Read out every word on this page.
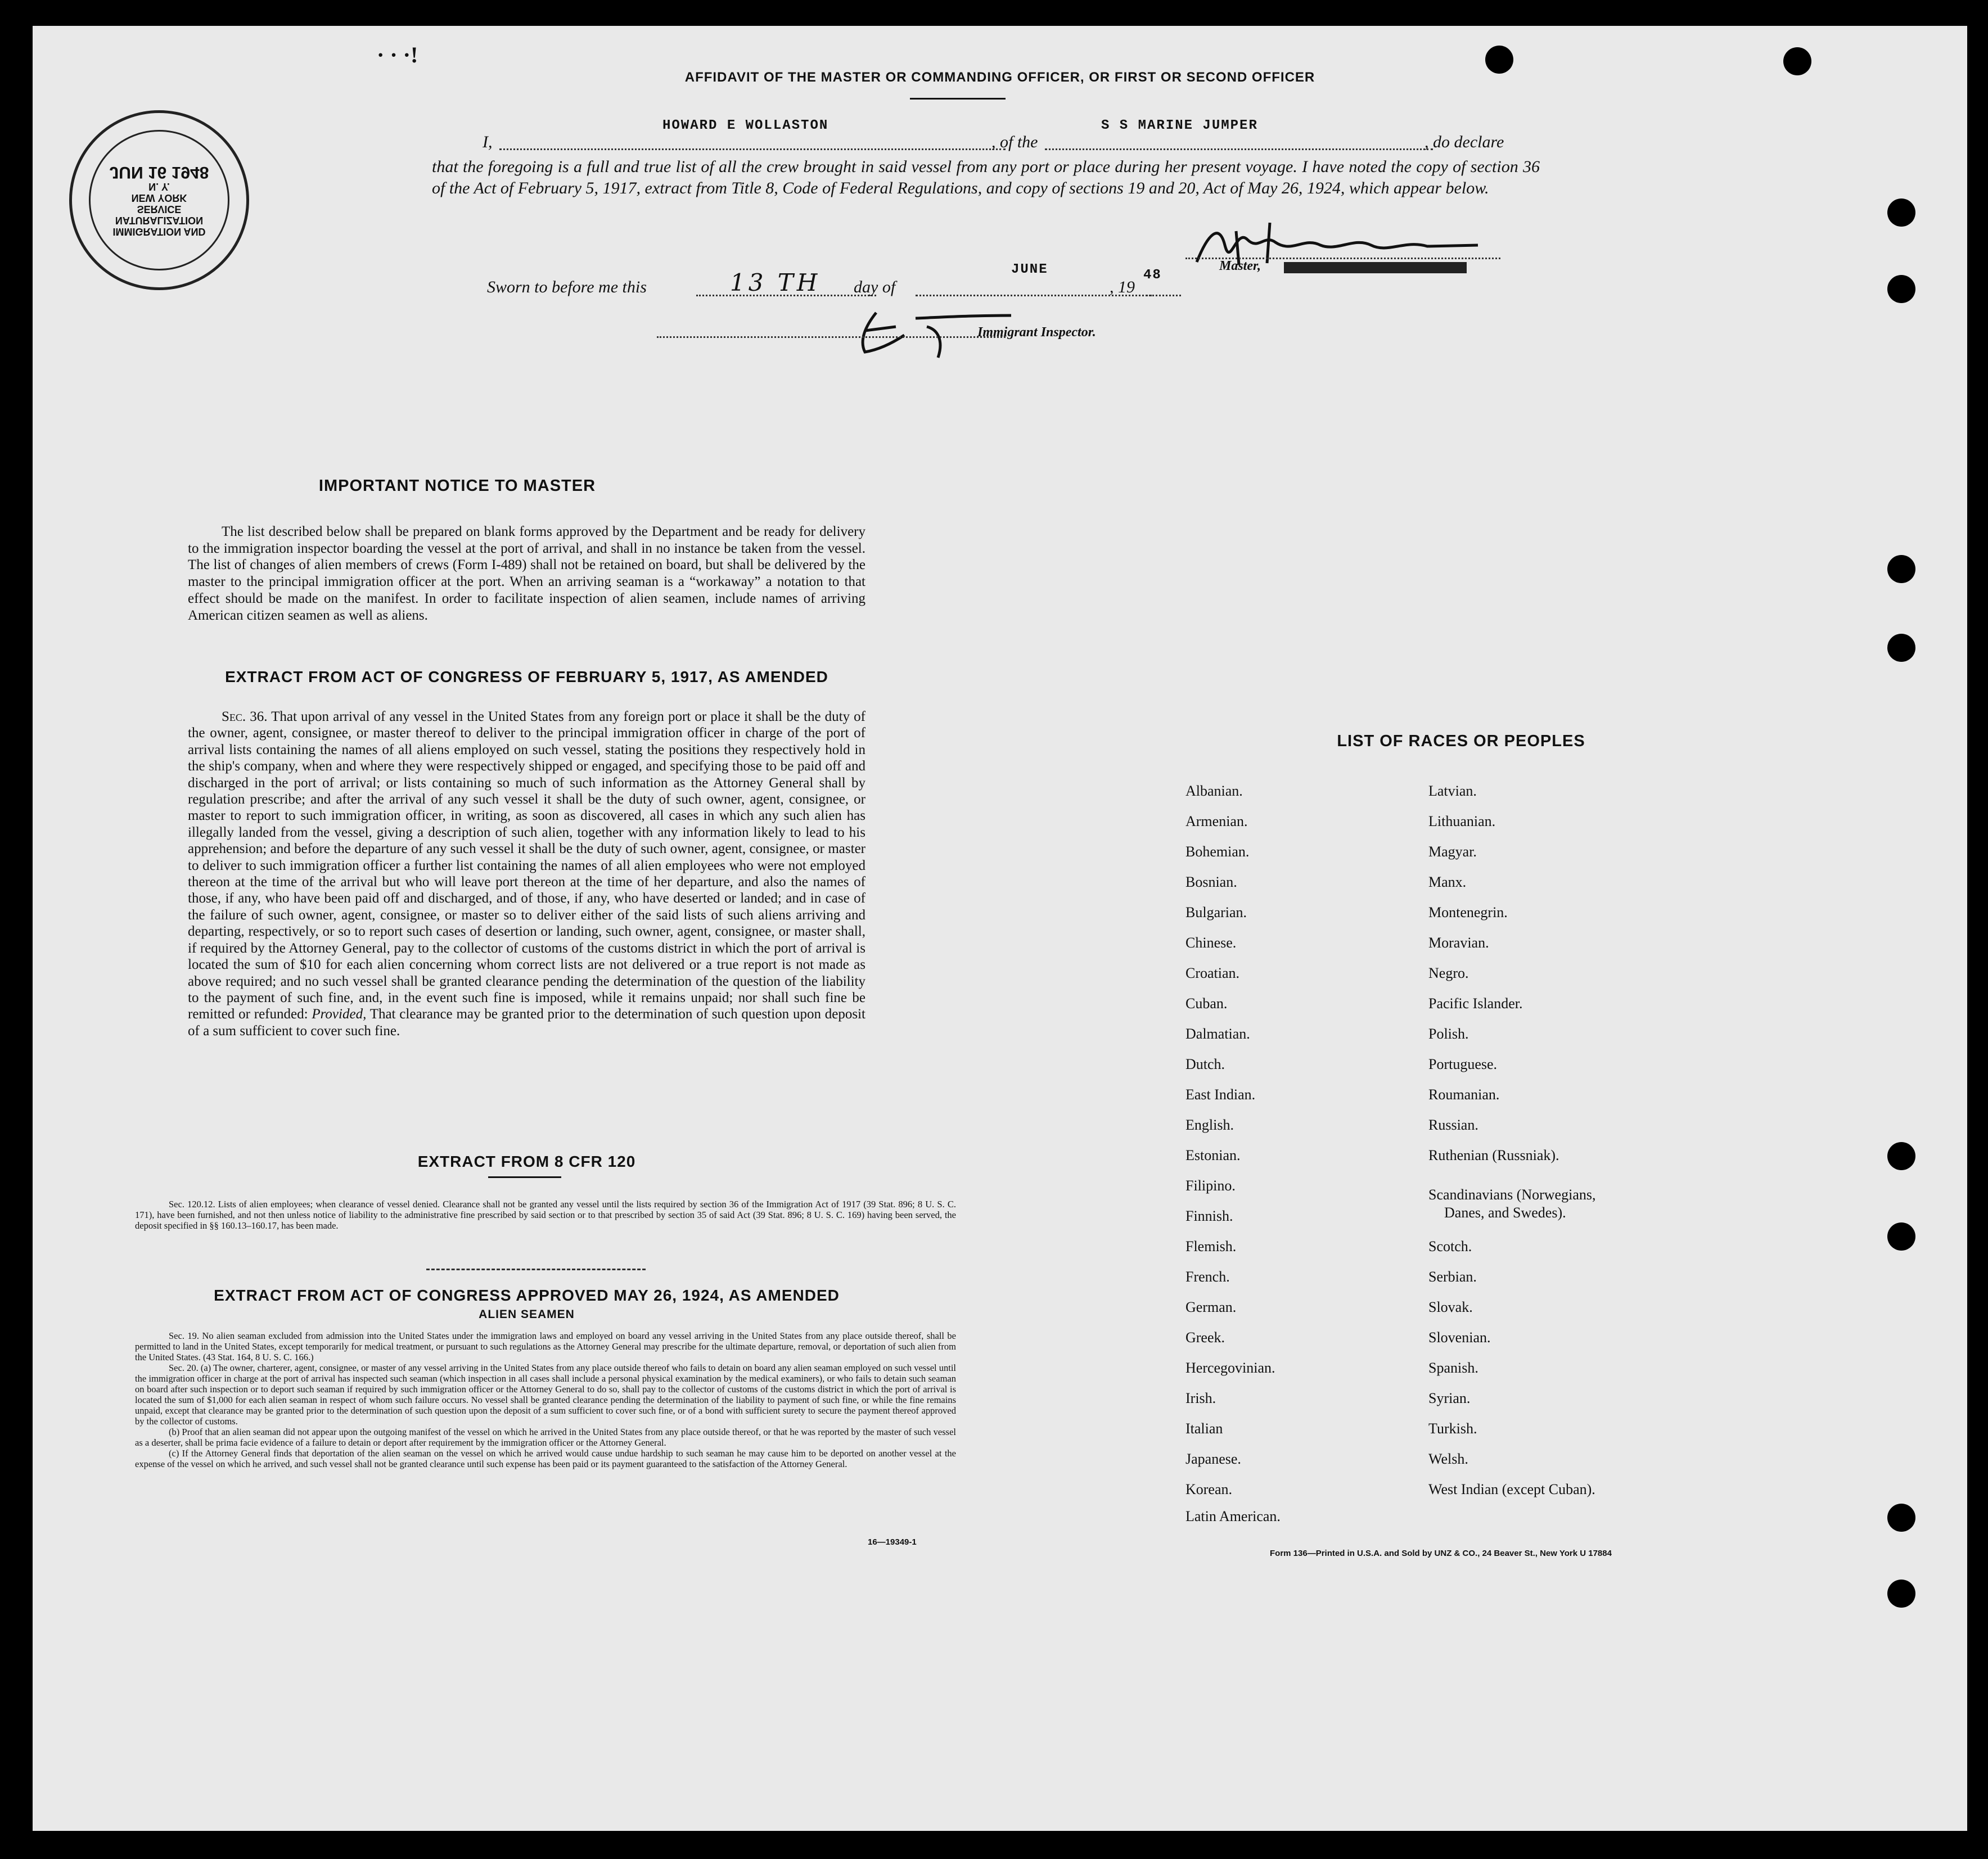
· · ·!
AFFIDAVIT OF THE MASTER OR COMMANDING OFFICER, OR FIRST OR SECOND OFFICER
I,
HOWARD E WOLLASTON
, of the
S S MARINE JUMPER
, do declare
that the foregoing is a full and true list of all the crew brought in said vessel from any port or place during her present voyage. I have noted the copy of section 36 of the Act of February 5, 1917, extract from Title 8, Code of Federal Regulations, and copy of sections 19 and 20, Act of May 26, 1924, which appear below.
Master,
Sworn to before me this	13 TH day of
JUNE
, 19
48
Immigrant Inspector.
IMMIGRATION AND
NATURALIZATION
SERVICE
NEW YORK
N. Y.
JUN 16 1948
IMPORTANT NOTICE TO MASTER
The list described below shall be prepared on blank forms approved by the Department and be ready for delivery to the immigration inspector boarding the vessel at the port of arrival, and shall in no instance be taken from the vessel. The list of changes of alien members of crews (Form I-489) shall not be retained on board, but shall be delivered by the master to the principal immigration officer at the port. When an arriving seaman is a “workaway” a notation to that effect should be made on the manifest. In order to facilitate inspection of alien seamen, include names of arriving American citizen seamen as well as aliens.
EXTRACT FROM ACT OF CONGRESS OF FEBRUARY 5, 1917, AS AMENDED
Sec. 36. That upon arrival of any vessel in the United States from any foreign port or place it shall be the duty of the owner, agent, consignee, or master thereof to deliver to the principal immigration officer in charge of the port of arrival lists containing the names of all aliens employed on such vessel, stating the positions they respectively hold in the ship's company, when and where they were respectively shipped or engaged, and specifying those to be paid off and discharged in the port of arrival; or lists containing so much of such information as the Attorney General shall by regulation prescribe; and after the arrival of any such vessel it shall be the duty of such owner, agent, consignee, or master to report to such immigration officer, in writing, as soon as discovered, all cases in which any such alien has illegally landed from the vessel, giving a description of such alien, together with any information likely to lead to his apprehension; and before the departure of any such vessel it shall be the duty of such owner, agent, consignee, or master to deliver to such immigration officer a further list containing the names of all alien employees who were not employed thereon at the time of the arrival but who will leave port thereon at the time of her departure, and also the names of those, if any, who have been paid off and discharged, and of those, if any, who have deserted or landed; and in case of the failure of such owner, agent, consignee, or master so to deliver either of the said lists of such aliens arriving and departing, respectively, or so to report such cases of desertion or landing, such owner, agent, consignee, or master shall, if required by the Attorney General, pay to the collector of customs of the customs district in which the port of arrival is located the sum of $10 for each alien concerning whom correct lists are not delivered or a true report is not made as above required; and no such vessel shall be granted clearance pending the determination of the question of the liability to the payment of such fine, and, in the event such fine is imposed, while it remains unpaid; nor shall such fine be remitted or refunded: Provided, That clearance may be granted prior to the determination of such question upon deposit of a sum sufficient to cover such fine.
EXTRACT FROM 8 CFR 120
Sec. 120.12. Lists of alien employees; when clearance of vessel denied. Clearance shall not be granted any vessel until the lists required by section 36 of the Immigration Act of 1917 (39 Stat. 896; 8 U. S. C. 171), have been furnished, and not then unless notice of liability to the administrative fine prescribed by said section or to that prescribed by section 35 of said Act (39 Stat. 896; 8 U. S. C. 169) having been served, the deposit specified in §§ 160.13–160.17, has been made.
EXTRACT FROM ACT OF CONGRESS APPROVED MAY 26, 1924, AS AMENDED
ALIEN SEAMEN
Sec. 19. No alien seaman excluded from admission into the United States under the immigration laws and employed on board any vessel arriving in the United States from any place outside thereof, shall be permitted to land in the United States, except temporarily for medical treatment, or pursuant to such regulations as the Attorney General may prescribe for the ultimate departure, removal, or deportation of such alien from the United States. (43 Stat. 164, 8 U. S. C. 166.)
Sec. 20. (a) The owner, charterer, agent, consignee, or master of any vessel arriving in the United States from any place outside thereof who fails to detain on board any alien seaman employed on such vessel until the immigration officer in charge at the port of arrival has inspected such seaman (which inspection in all cases shall include a personal physical examination by the medical examiners), or who fails to detain such seaman on board after such inspection or to deport such seaman if required by such immigration officer or the Attorney General to do so, shall pay to the collector of customs of the customs district in which the port of arrival is located the sum of $1,000 for each alien seaman in respect of whom such failure occurs. No vessel shall be granted clearance pending the determination of the liability to payment of such fine, or while the fine remains unpaid, except that clearance may be granted prior to the determination of such question upon the deposit of a sum sufficient to cover such fine, or of a bond with sufficient surety to secure the payment thereof approved by the collector of customs.
(b) Proof that an alien seaman did not appear upon the outgoing manifest of the vessel on which he arrived in the United States from any place outside thereof, or that he was reported by the master of such vessel as a deserter, shall be prima facie evidence of a failure to detain or deport after requirement by the immigration officer or the Attorney General.
(c) If the Attorney General finds that deportation of the alien seaman on the vessel on which he arrived would cause undue hardship to such seaman he may cause him to be deported on another vessel at the expense of the vessel on which he arrived, and such vessel shall not be granted clearance until such expense has been paid or its payment guaranteed to the satisfaction of the Attorney General.
16—19349-1
LIST OF RACES OR PEOPLES
Albanian.
Armenian.
Bohemian.
Bosnian.
Bulgarian.
Chinese.
Croatian.
Cuban.
Dalmatian.
Dutch.
East Indian.
English.
Estonian.
Filipino.
Finnish.
Flemish.
French.
German.
Greek.
Hercegovinian.
Irish.
Italian
Japanese.
Korean.
Latin American.
Latvian.
Lithuanian.
Magyar.
Manx.
Montenegrin.
Moravian.
Negro.
Pacific Islander.
Polish.
Portuguese.
Roumanian.
Russian.
Ruthenian (Russniak).
Scandinavians (Norwegians,
Danes, and Swedes).
Scotch.
Serbian.
Slovak.
Slovenian.
Spanish.
Syrian.
Turkish.
Welsh.
West Indian (except Cuban).
Form 136—Printed in U.S.A. and Sold by UNZ & CO., 24 Beaver St., New York U 17884
